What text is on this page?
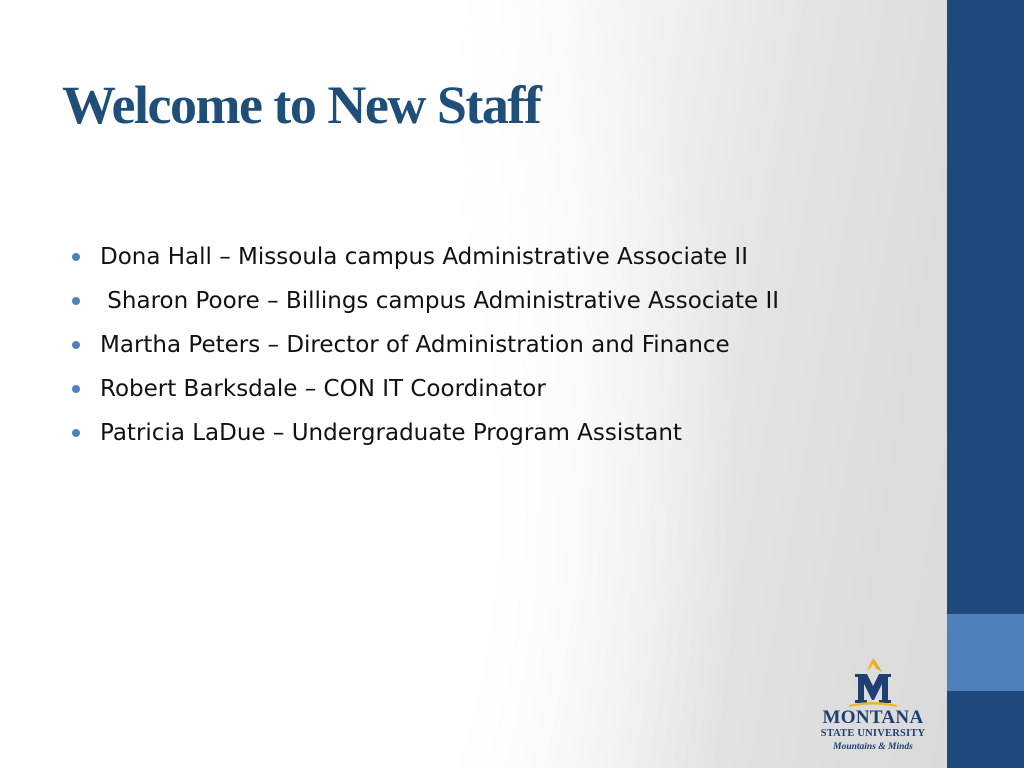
Welcome to New Staff
Dona Hall – Missoula campus Administrative Associate II
Sharon Poore – Billings campus Administrative Associate II
Martha Peters – Director of Administration and Finance
Robert Barksdale – CON IT Coordinator
Patricia LaDue – Undergraduate Program Assistant
MONTANA
STATE UNIVERSITY
Mountains & Minds
